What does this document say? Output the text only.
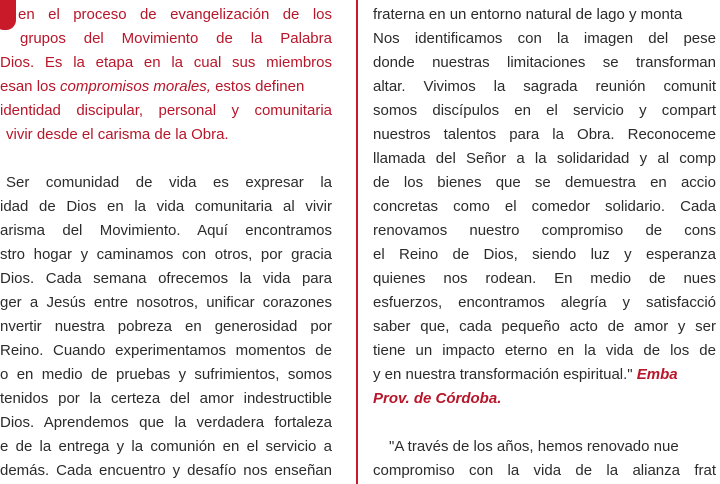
en el proceso de evangelización de los
grupos del Movimiento de la Palabra
Dios. Es la etapa en la cual sus miembros
esan los compromisos morales, estos definen
identidad discipular, personal y comunitaria
vivir desde el carisma de la Obra.
Ser comunidad de vida es expresar la
idad de Dios en la vida comunitaria al vivir
arisma del Movimiento. Aquí encontramos
stro hogar y caminamos con otros, por gracia
Dios. Cada semana ofrecemos la vida para
ger a Jesús entre nosotros, unificar corazones
nvertir nuestra pobreza en generosidad por
Reino. Cuando experimentamos momentos de
o en medio de pruebas y sufrimientos, somos
tenidos por la certeza del amor indestructible
Dios. Aprendemos que la verdadera fortaleza
e de la entrega y la comunión en el servicio a
demás. Cada encuentro y desafío nos enseñan
fraterna en un entorno natural de lago y monta
Nos identificamos con la imagen del pese
donde nuestras limitaciones se transforman
altar. Vivimos la sagrada reunión comunit
somos discípulos en el servicio y compart
nuestros talentos para la Obra. Reconoceme
llamada del Señor a la solidaridad y al comp
de los bienes que se demuestra en accio
concretas como el comedor solidario. Cada
renovamos nuestro compromiso de cons
el Reino de Dios, siendo luz y esperanza
quienes nos rodean. En medio de nues
esfuerzos, encontramos alegría y satisfacció
saber que, cada pequeño acto de amor y ser
tiene un impacto eterno en la vida de los de
y en nuestra transformación espiritual." Emba
Prov. de Córdoba.
"A través de los años, hemos renovado nue
compromiso con la vida de la alianza frat
